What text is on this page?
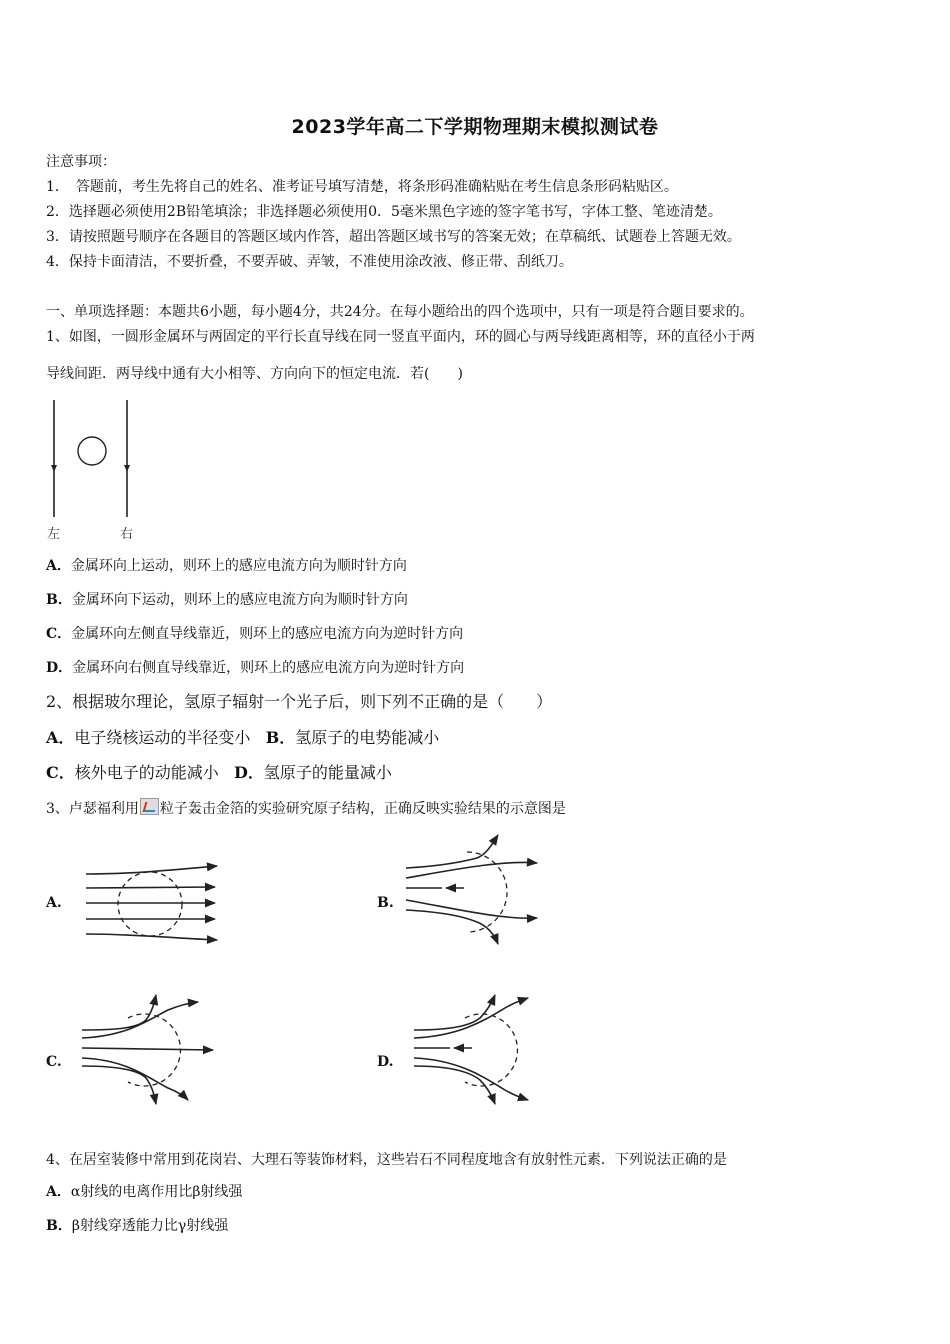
2023学年高二下学期物理期末模拟测试卷
注意事项：
1．　答题前，考生先将自己的姓名、准考证号填写清楚，将条形码准确粘贴在考生信息条形码粘贴区。
2．选择题必须使用2B铅笔填涂；非选择题必须使用0．5毫米黑色字迹的签字笔书写，字体工整、笔迹清楚。
3．请按照题号顺序在各题目的答题区域内作答，超出答题区域书写的答案无效；在草稿纸、试题卷上答题无效。
4．保持卡面清洁，不要折叠，不要弄破、弄皱，不准使用涂改液、修正带、刮纸刀。
一、单项选择题：本题共6小题，每小题4分，共24分。在每小题给出的四个选项中，只有一项是符合题目要求的。
1、如图，一圆形金属环与两固定的平行长直导线在同一竖直平面内，环的圆心与两导线距离相等，环的直径小于两
导线间距．两导线中通有大小相等、方向向下的恒定电流．若(　　)
左	右
A．金属环向上运动，则环上的感应电流方向为顺时针方向
B．金属环向下运动，则环上的感应电流方向为顺时针方向
C．金属环向左侧直导线靠近，则环上的感应电流方向为逆时针方向
D．金属环向右侧直导线靠近，则环上的感应电流方向为逆时针方向
2、根据玻尔理论，氢原子辐射一个光子后，则下列不正确的是（　　）
A．电子绕核运动的半径变小 B．氢原子的电势能减小
C．核外电子的动能减小 D．氢原子的能量减小
3、卢瑟福利用 粒子轰击金箔的实验研究原子结构，正确反映实验结果的示意图是
A.	B.
C.	D.
4、在居室装修中常用到花岗岩、大理石等装饰材料，这些岩石不同程度地含有放射性元素．下列说法正确的是
A．α射线的电离作用比β射线强
B．β射线穿透能力比γ射线强
